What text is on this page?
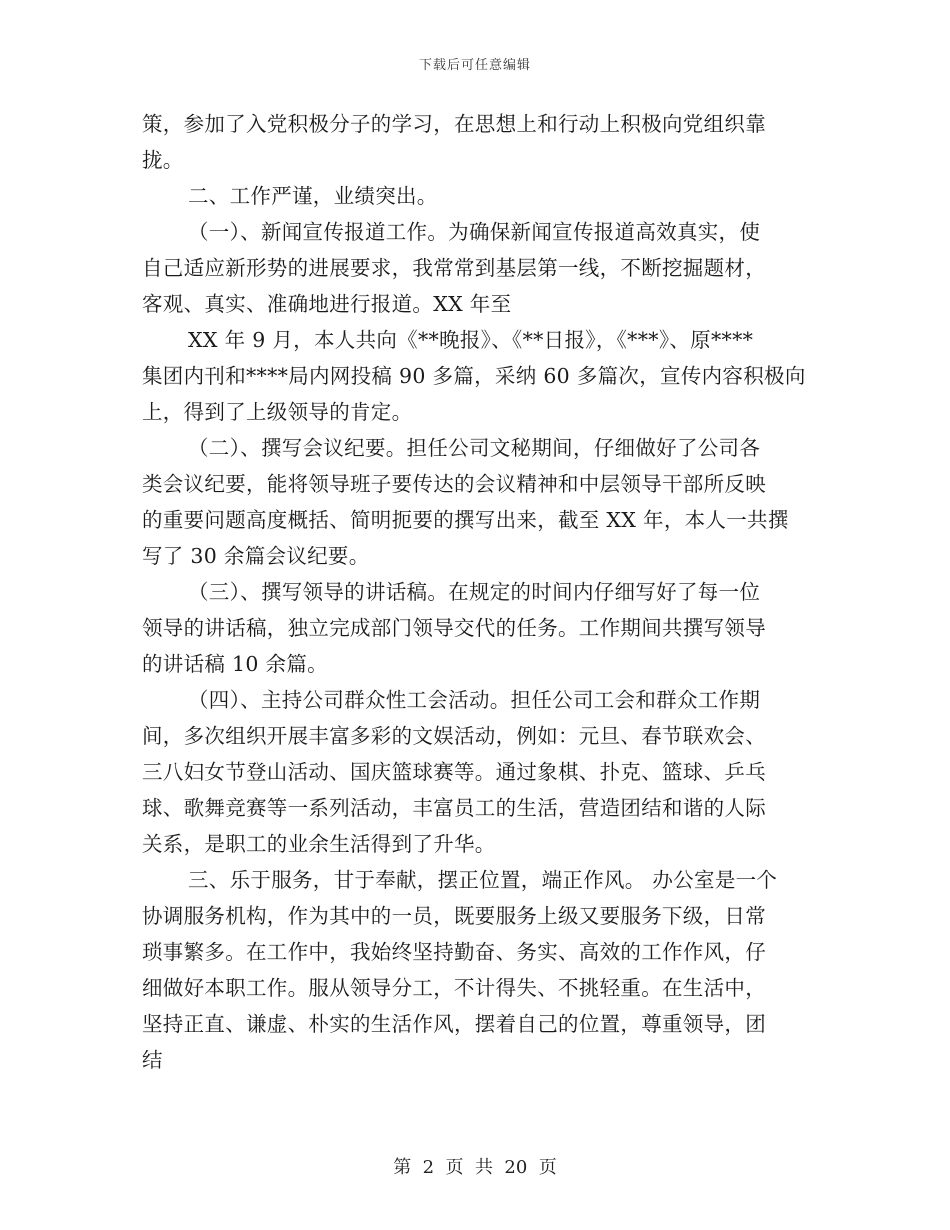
下载后可任意编辑
策，参加了入党积极分子的学习，在思想上和行动上积极向党组织靠
拢。
二、工作严谨，业绩突出。
（一）、新闻宣传报道工作。为确保新闻宣传报道高效真实，使
自己适应新形势的进展要求，我常常到基层第一线，不断挖掘题材，
客观、真实、准确地进行报道。XX 年至
XX 年 9 月，本人共向《**晚报》、《**日报》，《***》、原****
集团内刊和****局内网投稿 90 多篇，采纳 60 多篇次，宣传内容积极向
上，得到了上级领导的肯定。
（二）、撰写会议纪要。担任公司文秘期间，仔细做好了公司各
类会议纪要，能将领导班子要传达的会议精神和中层领导干部所反映
的重要问题高度概括、简明扼要的撰写出来，截至 XX 年，本人一共撰
写了 30 余篇会议纪要。
（三）、撰写领导的讲话稿。在规定的时间内仔细写好了每一位
领导的讲话稿，独立完成部门领导交代的任务。工作期间共撰写领导
的讲话稿 10 余篇。
（四）、主持公司群众性工会活动。担任公司工会和群众工作期
间，多次组织开展丰富多彩的文娱活动，例如：元旦、春节联欢会、
三八妇女节登山活动、国庆篮球赛等。通过象棋、扑克、篮球、乒乓
球、歌舞竞赛等一系列活动，丰富员工的生活，营造团结和谐的人际
关系，是职工的业余生活得到了升华。
三、乐于服务，甘于奉献，摆正位置，端正作风。 办公室是一个
协调服务机构，作为其中的一员，既要服务上级又要服务下级，日常
琐事繁多。在工作中，我始终坚持勤奋、务实、高效的工作作风，仔
细做好本职工作。服从领导分工，不计得失、不挑轻重。在生活中，
坚持正直、谦虚、朴实的生活作风，摆着自己的位置，尊重领导，团
结
第  2  页  共  20  页
